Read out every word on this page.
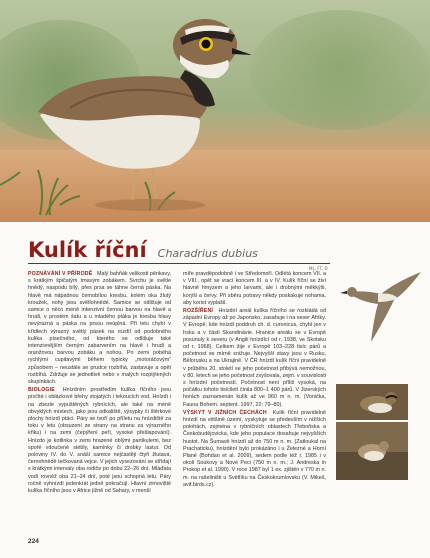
Kulík říční Charadrius dubius
ML, FT, D

POZNÁVÁNÍ V PŘÍRODĚ Malý bahňák velikosti pěnkavy, s krátkým špičatým tmavým zobákem. Svrchu je světle hnědý, naspodu bílý, přes prsa se táhne černá páska. Na hlavě má nápadnou černobílou kresbu, kolem oka žlutý kroužek, nohy jsou světlohnědé. Samice se odlišuje od samce o něco méně intenzivní černou barvou na hlavě a hrudi, v prostém šatu a u mladého ptáka je kresba hlavy nevýrazná a páska na prsou neúplná. Při letu chybí v křídlech výrazný světlý pásek na rozdíl od podobného kulíka písečného, od kterého se odlišuje také intenzivnějším černým zabarvením na hlavě i hrudi a oranžovou barvou zobáku a nohou. Po zemi poběhá rychlými cupitavými během typicky „motoráčovým“ způsobem – neustále se prudce rozbíhá, zastavuje a opět rozbíhá. Zdržuje se jednotlivě nebo v malých rozptýlených skupinkách.

BIOLOGIE Hnízdním prostředím kulíka říčního jsou písčité i oblázkové břehy stojatých i tekoucích vod. Hnízdí i na zbezle vypuštěných rybnících, ale také na méně obvyklých místech, jako jsou odkaliště, výsypky či štěrkové plochy hnízdí ptáci. Páry se tvoří po příletu na hnízdiště za toku v letu (obsuzení ze strany na stranu za výrazného křiku) i na zemi (čepýření peří, vysoké přešlapování). Hnízdo je kotlinka v zemi hrazené oblými partikulemi, bez spořé vdoučené stébly, kamínky či drobky lastur. Od poloviny IV. do V. snáší samice nejčastěji čtyři žlutavá, černohnědě tečkovaná vejce. V jejich vysezování se střídají s krátkými intervaly oba rodiče po dobu 22–26 dní. Mláďata vodí rovněž oba 21–24 dní, poté jsou schopná letu. Páry ročně vyhnízdí jedenkrát jedně pokračují. Hlavní zimoviště kulíka říčního jsou v Africe jižně od Sahary, v menší

míře pravděpodobně i ve Středomoří. Odlétá koncem VII. a v VIII., opět se vrací koncem III. a v IV. Kulík říční se živí hlavně hmyzem a jeho larvami, ale i drobnými měkkýši, korýši a červy. Při sběru potravy někdy poskakuje nohama, aby korist vyplašil.

ROZŠÍŘENÍ Hnízdní areál kulíka říčního se rozkládá od západní Evropy až po Japonsko, zasahuje i na sever Afriky. V Evropě, kde hnízdí poddruh ch. d. curonicus, chybí jen v Irsku a v části Skandinávie. Hranice areálu se v Evropě posunuly k severu (v Anglii hnízdící od r. 1938, ve Skotsku od r. 1968). Celkem žije v Evropě 103–228 tisíc párů a početnost se mírně snižuje. Nejvyšší stavy jsou v Rusku, Bělorusku a na Ukrajině. V ČR hnízdí kulík říční pravidelně v průběhu 20. století se jeho početnost přibývá nemožnou, v 80. letech se jeho početnost zvyšovala, zejm. v souvislosti s hnízdní početností. Početnost není příliš vysoká, na počátku tohoto tisíciletí činila 800–1 400 párů. V Jizerských horách zaznamenán kulík až ve 960 m n. m. (Vonička, Fauna Bohem. septent. 1997, 22: 79–80).

VÝSKYT V JIŽNÍCH ČECHÁCH Kulík říční pravidelně hnízdí na většině území, vyskytuje se především v nížších polohách, zejména v rybničních oblastech Třeboňska a Českobudějovicka, kde jeho populace dosahuje nejvyšších hustot. Na Šumavě hnízdí až do 750 m n. m. (Zatloukal na Prachaticku), hnízdění bylo prokázáno i u Železné a Horní Plané (Bohdan et al. 2009), sedem podle též r. 1985 i v okolí Soukovy a Nové Peci (750 m n. m.; J. Andreska in Prokop et al. 1990). V roce 1987 byl 1 ex. zjištěn v 770 m n. m. na rašeliništi u Světlíku na Českokrumlovsku (V. Mikeš, avif.birds.cz).

224
